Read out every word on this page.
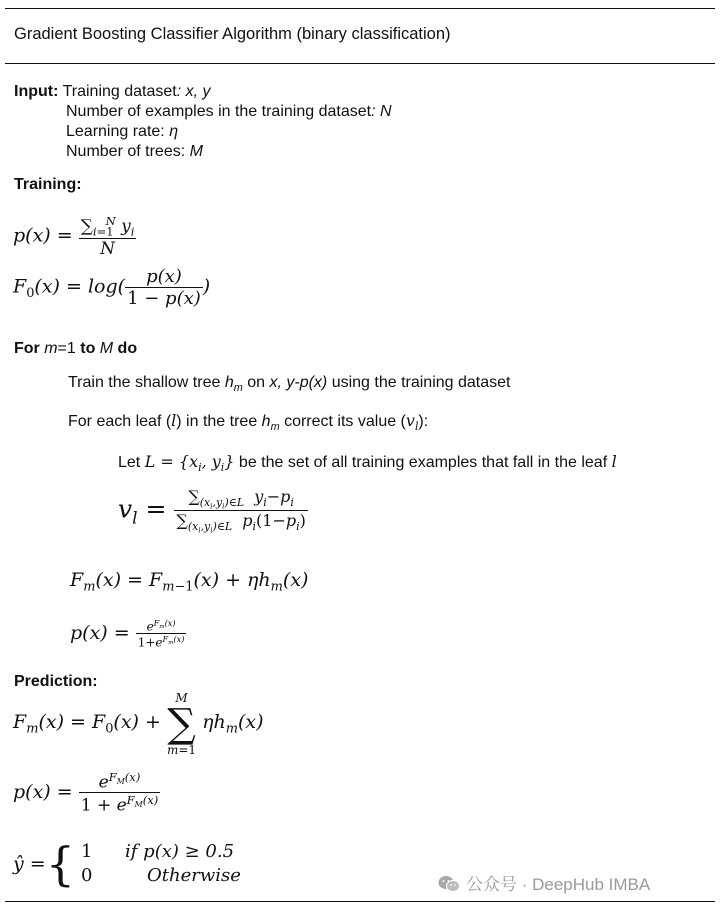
Gradient Boosting Classifier Algorithm (binary classification)
Input: Training dataset: x, y
Number of examples in the training dataset: N
Learning rate: η
Number of trees: M
Training:
$p(x) = \frac{\sum_{i=1}^N y_i}{N}$
$F_0(x) = \log( \frac{p(x)}{1 - p(x)}$ )
For m=1 to M do
Train the shallow tree $h_m$ on x, y-p(x) using the training dataset
For each leaf (l) in the tree $h_m$ correct its value $(v_l)$:
Let $L = \{x_i$, $y_i$} be the set of all training examples that fall in the leaf l
$v_l = \frac{\sum_{(x_i,y_i)\in L} y_i-p_i}{\sum_{(x_i,y_i)\in L} p_i(1-p_i)}$
$F_m(x) = F_{m-1}(x) + \eta h_m(x)$
$p(x) = \frac{e^{F_m(x)}}{1+e^{F_m(x)}}$
Prediction:
$F_m(x) = F_0(x)$ +
M
∑
m=1
$\eta h_m(x)$
$p(x) = \frac{e^{F_M(x)}}{1 + e^{F_M(x)}}$
ŷ ={ 1 if p(x) ≥ 0.5
0	Otherwise	公众号 · DeepHub IMBA
